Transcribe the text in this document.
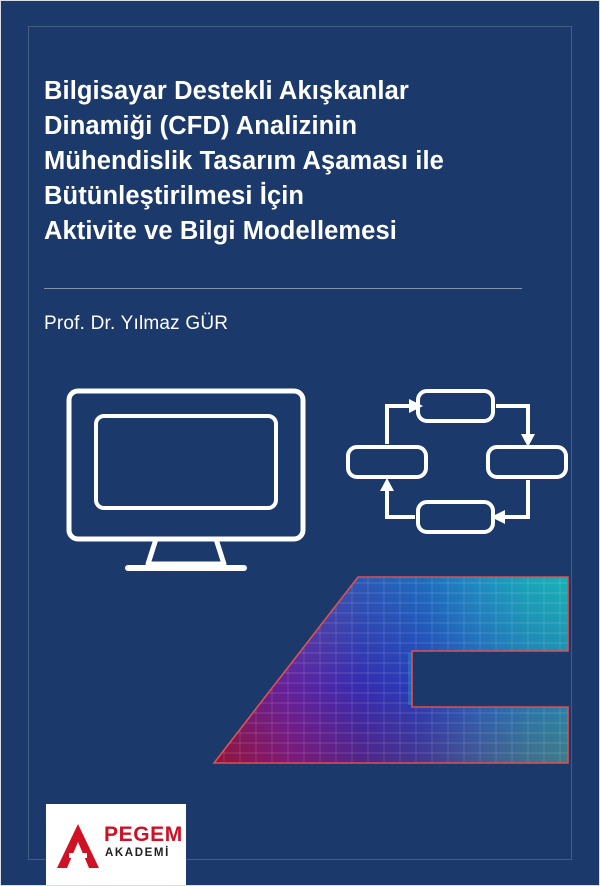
Bilgisayar Destekli Akışkanlar
Dinamiği (CFD) Analizinin
Mühendislik Tasarım Aşaması ile
Bütünleştirilmesi İçin
Aktivite ve Bilgi Modellemesi
Prof. Dr. Yılmaz GÜR
PEGEM
AKADEMİ
